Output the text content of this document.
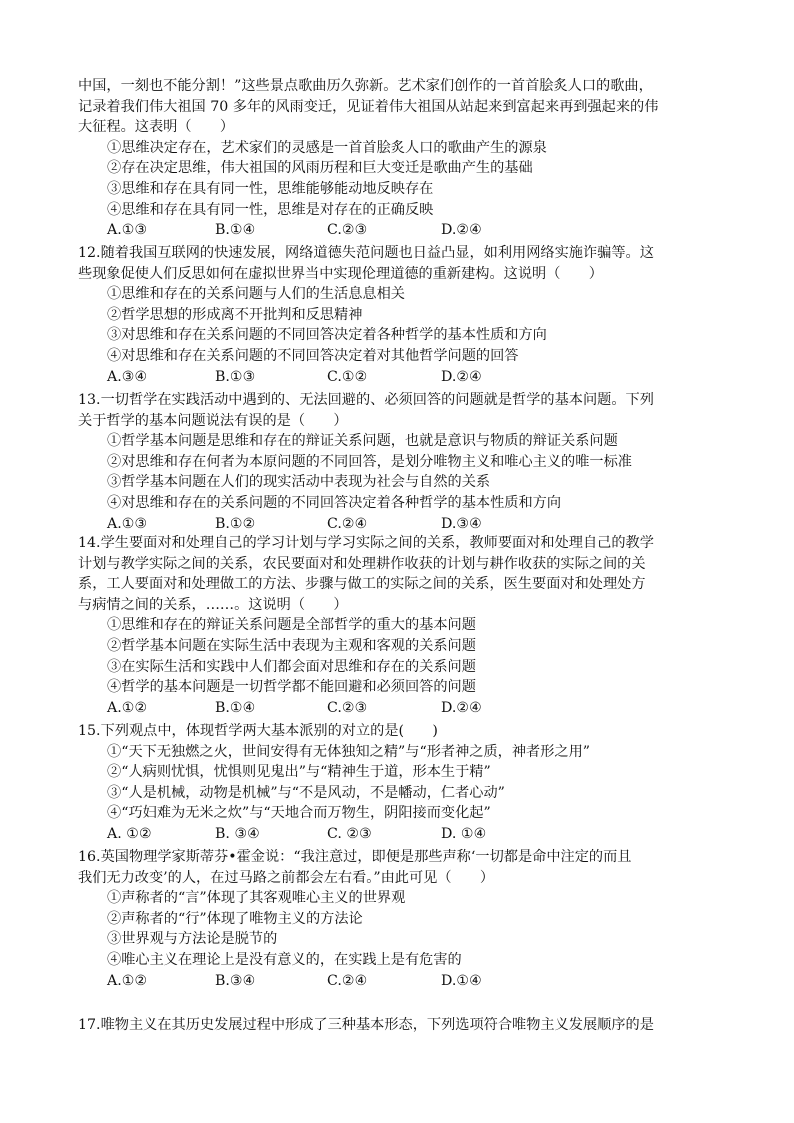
中国，一刻也不能分割！”这些景点歌曲历久弥新。艺术家们创作的一首首脍炙人口的歌曲，

记录着我们伟大祖国 70 多年的风雨变迁，见证着伟大祖国从站起来到富起来再到强起来的伟

大征程。这表明（　　）

①思维决定存在，艺术家们的灵感是一首首脍炙人口的歌曲产生的源泉

②存在决定思维，伟大祖国的风雨历程和巨大变迁是歌曲产生的基础

③思维和存在具有同一性，思维能够能动地反映存在

④思维和存在具有同一性，思维是对存在的正确反映

A.①③	B.①④	C.②③	D.②④

12.随着我国互联网的快速发展，网络道德失范问题也日益凸显，如利用网络实施诈骗等。这

些现象促使人们反思如何在虚拟世界当中实现伦理道德的重新建构。这说明（　　）

①思维和存在的关系问题与人们的生活息息相关

②哲学思想的形成离不开批判和反思精神

③对思维和存在关系问题的不同回答决定着各种哲学的基本性质和方向

④对思维和存在关系问题的不同回答决定着对其他哲学问题的回答

A.③④	B.①③	C.①②	D.②④

13.一切哲学在实践活动中遇到的、无法回避的、必须回答的问题就是哲学的基本问题。下列

关于哲学的基本问题说法有误的是（　　）

①哲学基本问题是思维和存在的辩证关系问题，也就是意识与物质的辩证关系问题

②对思维和存在何者为本原问题的不同回答，是划分唯物主义和唯心主义的唯一标准

③哲学基本问题在人们的现实活动中表现为社会与自然的关系

④对思维和存在的关系问题的不同回答决定着各种哲学的基本性质和方向

A.①③	B.①②	C.②④	D.③④

14.学生要面对和处理自己的学习计划与学习实际之间的关系，教师要面对和处理自己的教学

计划与教学实际之间的关系，农民要面对和处理耕作收获的计划与耕作收获的实际之间的关

系，工人要面对和处理做工的方法、步骤与做工的实际之间的关系，医生要面对和处理处方

与病情之间的关系，……。这说明（　　）

①思维和存在的辩证关系问题是全部哲学的重大的基本问题

②哲学基本问题在实际生活中表现为主观和客观的关系问题

③在实际生活和实践中人们都会面对思维和存在的关系问题

④哲学的基本问题是一切哲学都不能回避和必须回答的问题

A.①②	B.①④	C.②③	D.②④

15.下列观点中，体现哲学两大基本派别的对立的是(　　)

①“天下无独燃之火，世间安得有无体独知之精”与“形者神之质，神者形之用”

②“人病则忧惧，忧惧则见鬼出”与“精神生于道，形本生于精”

③“人是机械，动物是机械”与“不是风动，不是幡动，仁者心动”

④“巧妇难为无米之炊”与“天地合而万物生，阴阳接而变化起”

A. ①②	B. ③④	C. ②③	D. ①④

16.英国物理学家斯蒂芬•霍金说：“我注意过，即便是那些声称‘一切都是命中注定的而且

我们无力改变’的人，在过马路之前都会左右看。”由此可见（　　）

①声称者的“言”体现了其客观唯心主义的世界观

②声称者的“行”体现了唯物主义的方法论

③世界观与方法论是脱节的

④唯心主义在理论上是没有意义的，在实践上是有危害的

A.①②	B.③④	C.②④	D.①④

17.唯物主义在其历史发展过程中形成了三种基本形态，下列选项符合唯物主义发展顺序的是
